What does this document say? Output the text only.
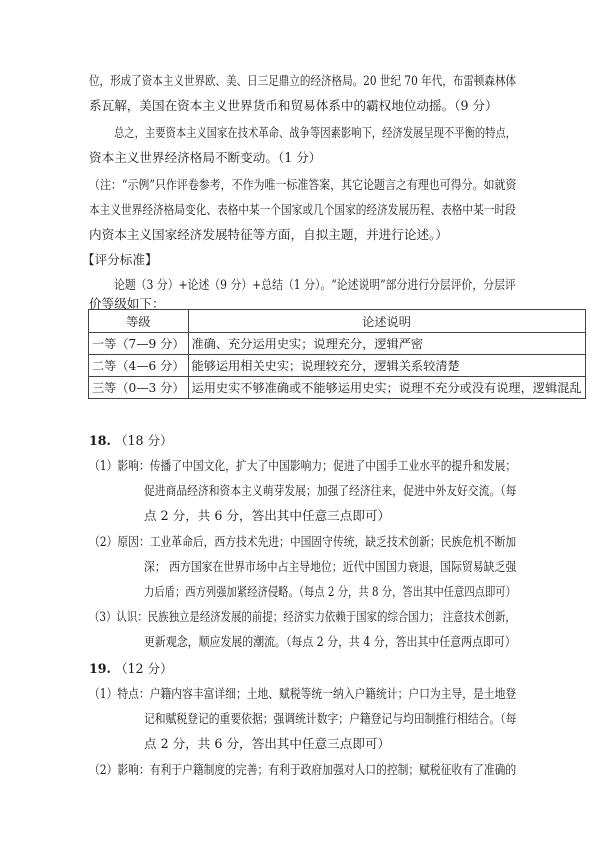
位，形成了资本主义世界欧、美、日三足鼎立的经济格局。20 世纪 70 年代，布雷顿森林体
系瓦解，美国在资本主义世界货币和贸易体系中的霸权地位动摇。（9 分）
总之，主要资本主义国家在技术革命、战争等因素影响下，经济发展呈现不平衡的特点，
资本主义世界经济格局不断变动。（1 分）
（注：“示例”只作评卷参考，不作为唯一标准答案，其它论题言之有理也可得分。如就资
本主义世界经济格局变化、表格中某一个国家或几个国家的经济发展历程、表格中某一时段
内资本主义国家经济发展特征等方面，自拟主题，并进行论述。）
【评分标准】
论题（3 分）+论述（9 分）+总结（1 分）。“论述说明”部分进行分层评价，分层评
价等级如下：
等级	论述说明
一等（7—9 分）	准确、充分运用史实；说理充分，逻辑严密
二等（4—6 分）	能够运用相关史实；说理较充分，逻辑关系较清楚
三等（0—3 分）	运用史实不够准确或不能够运用史实；说理不充分或没有说理，逻辑混乱
18. （18 分）
（1）影响：传播了中国文化，扩大了中国影响力；促进了中国手工业水平的提升和发展；
促进商品经济和资本主义萌芽发展；加强了经济往来，促进中外友好交流。（每
点 2 分，共 6 分，答出其中任意三点即可）
（2）原因：工业革命后，西方技术先进；中国固守传统，缺乏技术创新；民族危机不断加
深； 西方国家在世界市场中占主导地位；近代中国国力衰退，国际贸易缺乏强
力后盾；西方列强加紧经济侵略。（每点 2 分，共 8 分，答出其中任意四点即可）
（3）认识：民族独立是经济发展的前提；经济实力依赖于国家的综合国力； 注意技术创新，
更新观念，顺应发展的潮流。（每点 2 分，共 4 分，答出其中任意两点即可）
19. （12 分）
（1）特点：户籍内容丰富详细；土地、赋税等统一纳入户籍统计；户口为主导，是土地登
记和赋税登记的重要依据；强调统计数字；户籍登记与均田制推行相结合。（每
点 2 分，共 6 分，答出其中任意三点即可）
（2）影响：有利于户籍制度的完善；有利于政府加强对人口的控制；赋税征收有了准确的
